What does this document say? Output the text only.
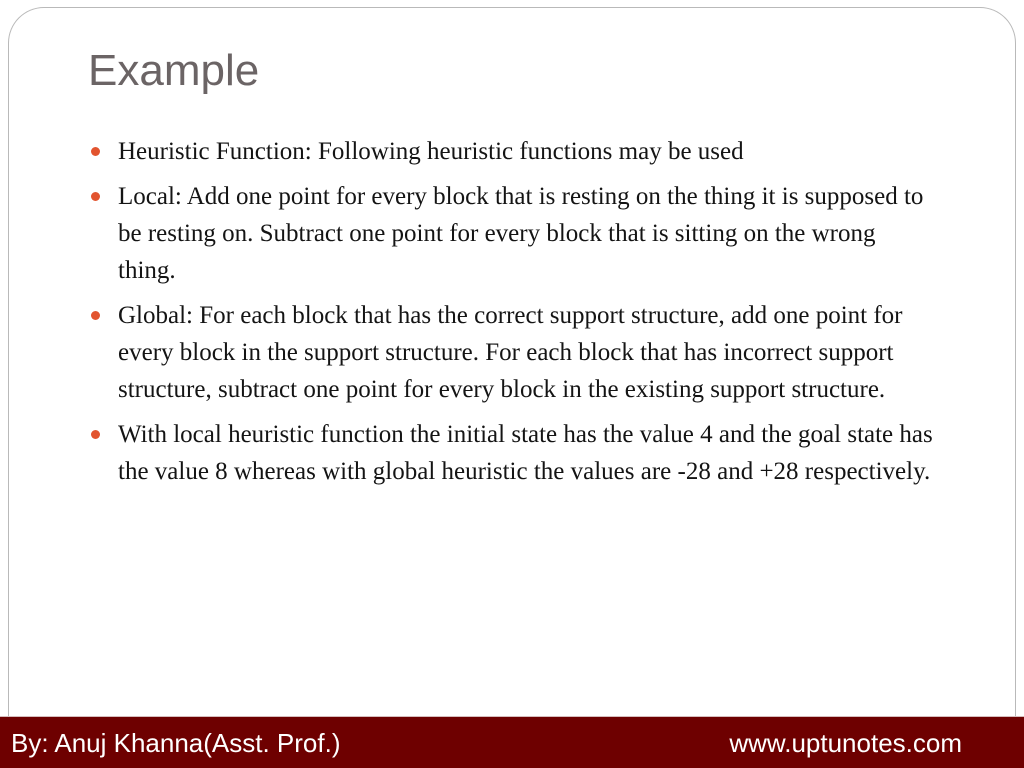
Example
Heuristic Function: Following heuristic functions may be used
Local: Add one point for every block that is resting on the thing it is supposed to be resting on. Subtract one point for every block that is sitting on the wrong thing.
Global: For each block that has the correct support structure, add one point for every block in the support structure. For each block that has incorrect support structure, subtract one point for every block in the existing support structure.
With local heuristic function the initial state has the value 4 and the goal state has the value 8 whereas with global heuristic the values are -28 and +28 respectively.
By: Anuj Khanna(Asst. Prof.)	www.uptunotes.com
